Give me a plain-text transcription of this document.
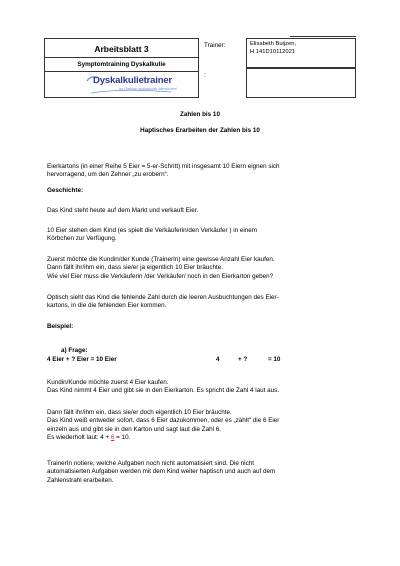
Arbeitsblatt 3
Symptomtraining Dyskalkulie
Dyskalkulietrainer
Im Dienste dyskalkuler Menschen!
Trainer:
:
Elisabeth Buijzen,
H 141D10112021
Zahlen bis 10
Haptisches Erarbeiten der Zahlen bis 10

Eierkartons (in einer Reihe 5 Eier = 5-er-Schritt) mit insgesamt 10 Eiern eignen sich

hervorragend, um den Zehner „zu erobern“.

Geschichte:
Das Kind steht heute auf dem Markt und verkauft Eier.

10 Eier stehen dem Kind (es spielt die Verkäuferin/den Verkäufer ) in einem

Körbchen zur Verfügung.

Zuerst möchte die Kundin/der Kunde (TrainerIn) eine gewisse Anzahl Eier kaufen.

Dann fällt ihr/ihm ein, dass sie/er ja eigentlich 10 Eier bräuchte.

Wie viel Eier muss die Verkäuferin /der Verkäufer/ noch in den Eierkarton geben?

Optisch sieht das Kind die fehlende Zahl durch die leeren Ausbuchtungen des Eier-

kartons, in die die fehlenden Eier kommen.

Beispiel:
a) Frage:
4 Eier + ? Eier = 10 Eier	4	+ ?	= 10

Kundin/Kunde möchte zuerst 4 Eier kaufen.

Das Kind nimmt 4 Eier und gibt sie in den Eierkarton. Es spricht die Zahl 4 laut aus.

Dann fällt ihr/ihm ein, dass sie/er doch eigentlich 10 Eier bräuchte.

Das Kind weiß entweder sofort, dass 6 Eier dazukommen, oder es „zählt“ die 6 Eier

einzeln aus und gibt sie in den Karton und sagt laut die Zahl 6.

Es wiederholt laut: 4 + 6 = 10.

TrainerIn notiere, welche Aufgaben noch nicht automatisiert sind. Die nicht

automatisierten Aufgaben werden mit dem Kind weiter haptisch und auch auf dem

Zahlenstrahl erarbeiten.
